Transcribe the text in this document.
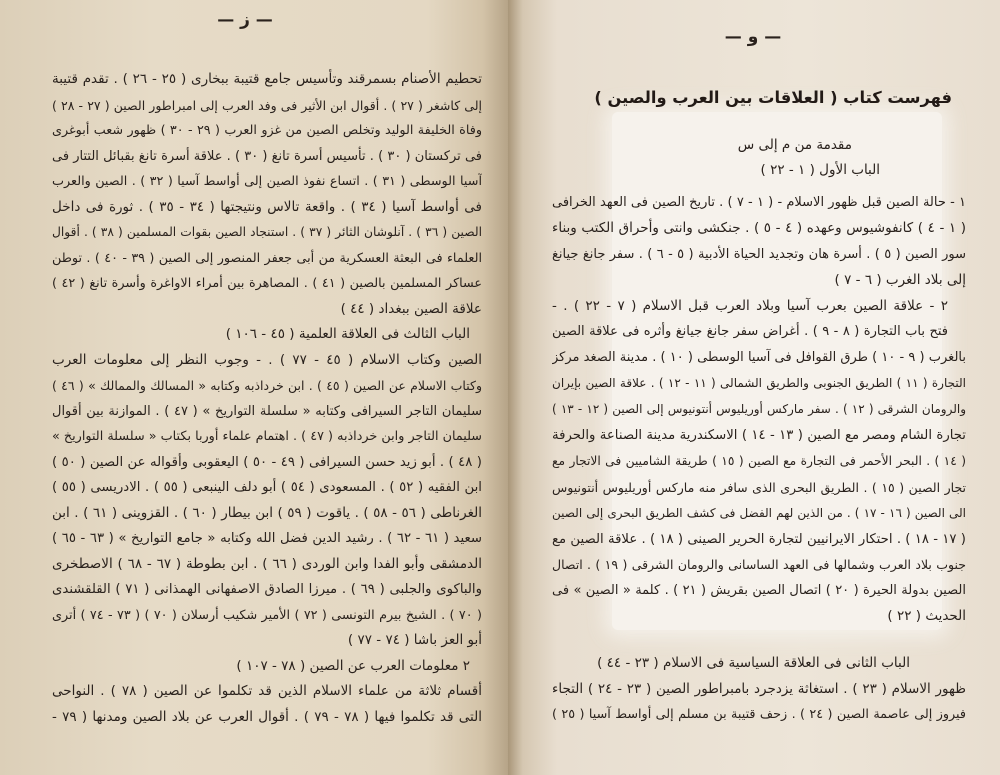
— ز —
تحطيم الأصنام بسمرقند وتأسيس جامع قتيبة ببخارى ( ٢٥ - ٢٦ ) . تقدم قتيبة
إلى كاشغر ( ٢٧ ) . أقوال ابن الأثير فى وفد العرب إلى امبراطور الصين ( ٢٧ - ٢٨ )
وفاة الخليفة الوليد وتخلص الصين من غزو العرب ( ٢٩ - ٣٠ ) ظهور شعب أبوغرى
فى تركستان ( ٣٠ ) . تأسيس أسرة تانغ ( ٣٠ ) . علاقة أسرة تانغ بقبائل التتار فى
آسيا الوسطى ( ٣١ ) . اتساع نفوذ الصين إلى أواسط آسيا ( ٣٢ ) . الصين والعرب
فى أواسط آسيا ( ٣٤ ) . واقعة تالاس ونتيجتها ( ٣٤ - ٣٥ ) . ثورة فى داخل
الصين ( ٣٦ ) . آنلوشان الثائر ( ٣٧ ) . استنجاد الصين بقوات المسلمين ( ٣٨ ) . أقوال
العلماء فى البعثة العسكرية من أبى جعفر المنصور إلى الصين ( ٣٩ - ٤٠ ) . توطن
عساكر المسلمين بالصين ( ٤١ ) . المصاهرة بين أمراء الاواغرة وأسرة تانغ ( ٤٢ )
علاقة الصين ببغداد ( ٤٤ )
الباب الثالث فى العلاقة العلمية ( ٤٥ - ١٠٦ )
الصين وكتاب الاسلام ( ٤٥ - ٧٧ ) . - وجوب النظر إلى معلومات العرب
وكتاب الاسلام عن الصين ( ٤٥ ) . ابن خرداذبه وكتابه « المسالك والممالك » ( ٤٦ )
سليمان التاجر السيرافى وكتابه « سلسلة التواريخ » ( ٤٧ ) . الموازنة بين أقوال
سليمان التاجر وابن خرداذبه ( ٤٧ ) . اهتمام علماء أوربا بكتاب « سلسلة التواريخ »
( ٤٨ ) . أبو زيد حسن السيرافى ( ٤٩ - ٥٠ ) اليعقوبى وأقواله عن الصين ( ٥٠ )
ابن الفقيه ( ٥٢ ) . المسعودى ( ٥٤ ) أبو دلف الينبعى ( ٥٥ ) . الادريسى ( ٥٥ )
الغرناطى ( ٥٦ - ٥٨ ) . ياقوت ( ٥٩ ) ابن بيطار ( ٦٠ ) . القزوينى ( ٦١ ) . ابن
سعيد ( ٦١ - ٦٢ ) . رشيد الدين فضل الله وكتابه « جامع التواريخ » ( ٦٣ - ٦٥ )
الدمشقى وأبو الفدا وابن الوردى ( ٦٦ ) . ابن بطوطة ( ٦٧ - ٦٨ ) الاصطخرى
والباكوى والجلبى ( ٦٩ ) . ميرزا الصادق الاصفهانى الهمذانى ( ٧١ ) القلقشندى
( ٧٠ ) . الشيخ بيرم التونسى ( ٧٢ ) الأمير شكيب أرسلان ( ٧٠ ) ( ٧٣ - ٧٤ ) أترى
أبو العز باشا ( ٧٤ - ٧٧ )
٢ معلومات العرب عن الصين ( ٧٨ - ١٠٧ )
أقسام ثلاثة من علماء الاسلام الذين قد تكلموا عن الصين ( ٧٨ ) . النواحى
التى قد تكلموا فيها ( ٧٨ - ٧٩ ) . أقوال العرب عن بلاد الصين ومدنها ( ٧٩ -
— و —
فهرست كتاب ( العلاقات بين العرب والصين )
مقدمة من م إلى س
الباب الأول ( ١ - ٢٢ )
١ - حالة الصين قبل ظهور الاسلام - ( ١ - ٧ ) . تاريخ الصين فى العهد الخرافى
( ١ - ٤ ) كانفوشيوس وعهده ( ٤ - ٥ ) . جنكشى وانتى وأحراق الكتب وبناء
سور الصين ( ٥ ) . أسرة هان وتجديد الحياة الأدبية ( ٥ - ٦ ) . سفر جانغ جيانغ
إلى بلاد الغرب ( ٦ - ٧ )
٢ - علاقة الصين بعرب آسيا وبلاد العرب قبل الاسلام ( ٧ - ٢٢ ) . -
فتح باب التجارة ( ٨ - ٩ ) . أغراض سفر جانغ جيانغ وأثره فى علاقة الصين
بالغرب ( ٩ - ١٠ ) طرق القوافل فى آسيا الوسطى ( ١٠ ) . مدينة الصغد مركز
التجارة ( ١١ ) الطريق الجنوبى والطريق الشمالى ( ١١ - ١٢ ) . علاقة الصين بإيران
والرومان الشرقى ( ١٢ ) . سفر ماركس أوريليوس أنتونيوس إلى الصين ( ١٢ - ١٣ )
تجارة الشام ومصر مع الصين ( ١٣ - ١٤ ) الاسكندرية مدينة الصناعة والحرفة
( ١٤ ) . البحر الأحمر فى التجارة مع الصين ( ١٥ ) طريقة الشاميين فى الاتجار مع
تجار الصين ( ١٥ ) . الطريق البحرى الذى سافر منه ماركس أوريليوس أنتونيوس
الى الصين ( ١٦ - ١٧ ) . من الذين لهم الفضل فى كشف الطريق البحرى إلى الصين
( ١٧ - ١٨ ) . احتكار الايرانيين لتجارة الحرير الصينى ( ١٨ ) . علاقة الصين مع
جنوب بلاد العرب وشمالها فى العهد الساسانى والرومان الشرقى ( ١٩ ) . اتصال
الصين بدولة الحيرة ( ٢٠ ) اتصال الصين بقريش ( ٢١ ) . كلمة « الصين » فى
الحديث ( ٢٢ )
الباب الثانى فى العلاقة السياسية فى الاسلام ( ٢٣ - ٤٤ )
ظهور الاسلام ( ٢٣ ) . استغاثة يزدجرد بامبراطور الصين ( ٢٣ - ٢٤ ) التجاء
فيروز إلى عاصمة الصين ( ٢٤ ) . زحف قتيبة بن مسلم إلى أواسط آسيا ( ٢٥ )
